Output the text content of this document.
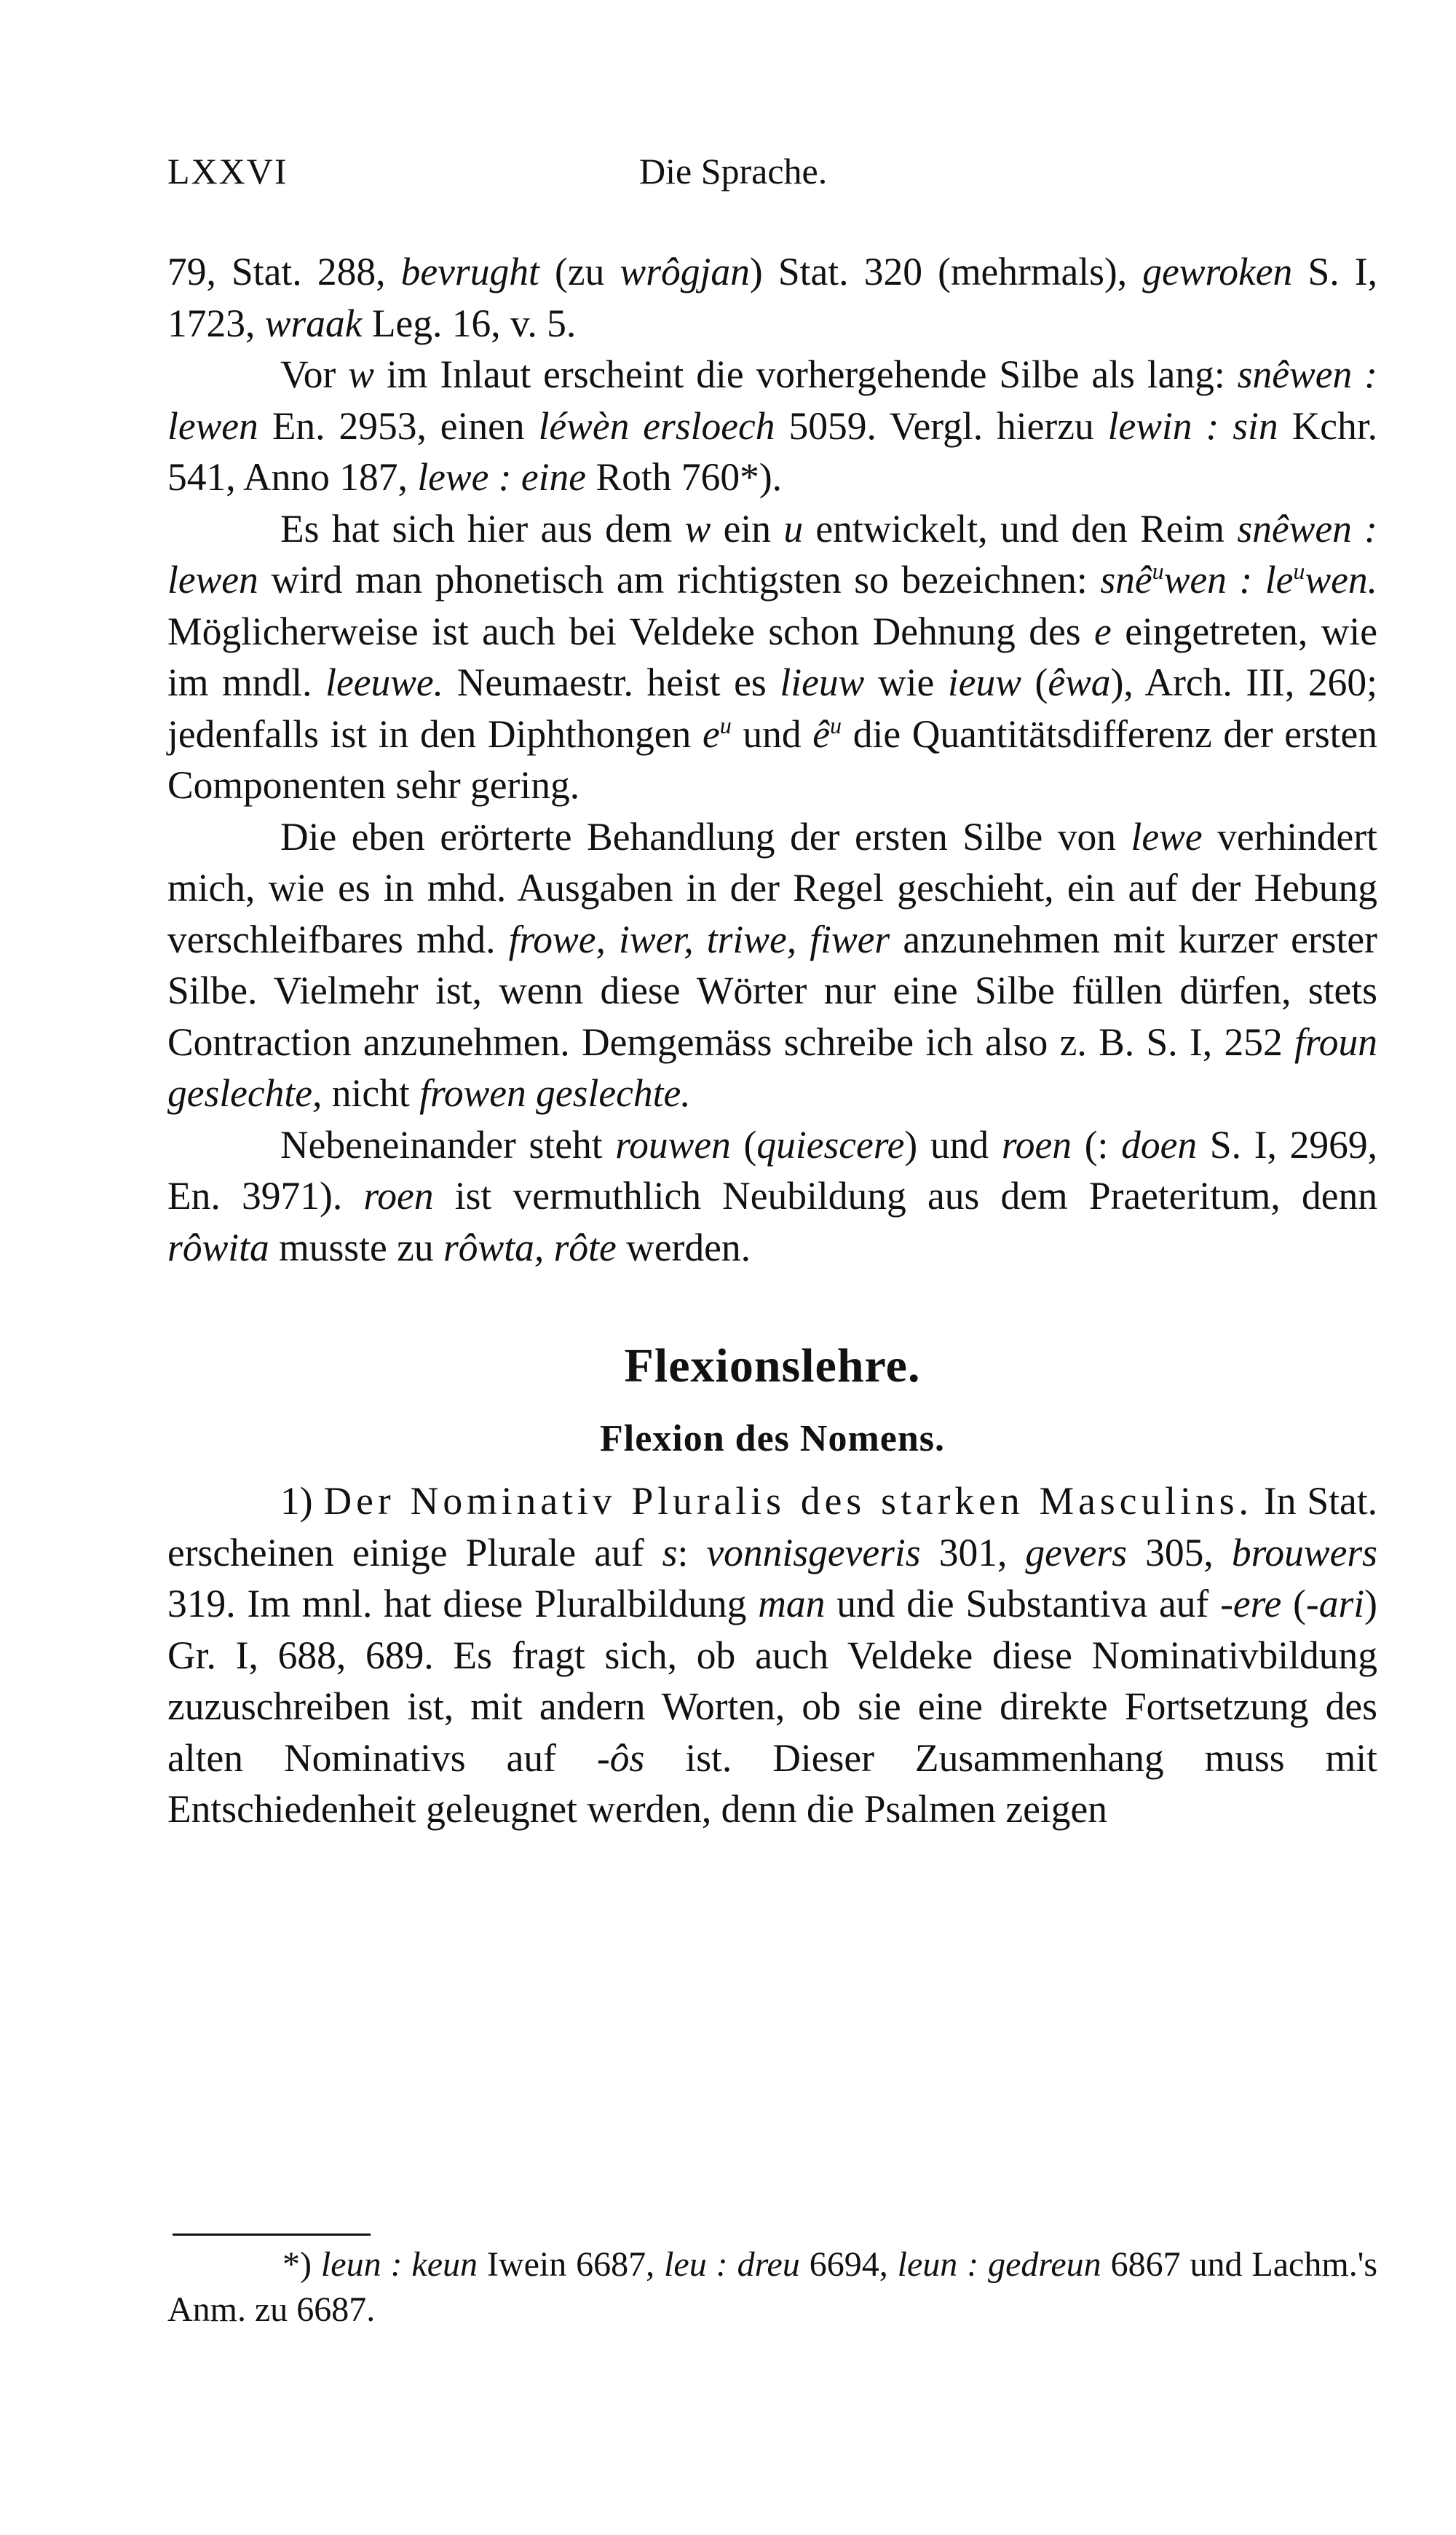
LXXVI	Die Sprache.

79, Stat. 288, bevrught (zu wrôgjan) Stat. 320 (mehrmals), gewroken S. I, 1723, wraak Leg. 16, v. 5.

Vor w im Inlaut erscheint die vorhergehende Silbe als lang: snêwen : lewen En. 2953, einen léwèn ersloech 5059. Vergl. hierzu lewin : sin Kchr. 541, Anno 187, lewe : eine Roth 760*).

Es hat sich hier aus dem w ein u entwickelt, und den Reim snêwen : lewen wird man phonetisch am richtigsten so bezeichnen: snê$^u$wen : $le^uwen$. Möglicherweise ist auch bei Veldeke schon Dehnung des e eingetreten, wie im mndl. leeuwe. Neumaestr. heist es lieuw wie ieuw (êwa), Arch. III, 260; jedenfalls ist in den Diphthongen $e^u$ und $ê^u$ die Quantitätsdifferenz der ersten Componenten sehr gering.

Die eben erörterte Behandlung der ersten Silbe von lewe verhindert mich, wie es in mhd. Ausgaben in der Regel geschieht, ein auf der Hebung verschleifbares mhd. frowe, iwer, triwe, fiwer anzunehmen mit kurzer erster Silbe. Vielmehr ist, wenn diese Wörter nur eine Silbe füllen dürfen, stets Contraction anzunehmen. Demgemäss schreibe ich also z. B. S. I, 252 froun geslechte, nicht frowen geslechte.

Nebeneinander steht rouwen (quiescere) und roen (: doen S. I, 2969, En. 3971). roen ist vermuthlich Neubildung aus dem Praeteritum, denn rôwita musste zu rôwta, rôte werden.

Flexionslehre.
Flexion des Nomens.

1) Der Nominativ Pluralis des starken Masculins. In Stat. erscheinen einige Plurale auf s: vonnisgeveris 301, gevers 305, brouwers 319. Im mnl. hat diese Pluralbildung man und die Substantiva auf -ere (-ari) Gr. I, 688, 689. Es fragt sich, ob auch Veldeke diese Nominativbildung zuzuschreiben ist, mit andern Worten, ob sie eine direkte Fortsetzung des alten Nominativs auf -ôs ist. Dieser Zusammenhang muss mit Entschiedenheit geleugnet werden, denn die Psalmen zeigen

*) leun : keun Iwein 6687, leu : dreu 6694, leun : gedreun 6867 und Lachm.'s Anm. zu 6687.
